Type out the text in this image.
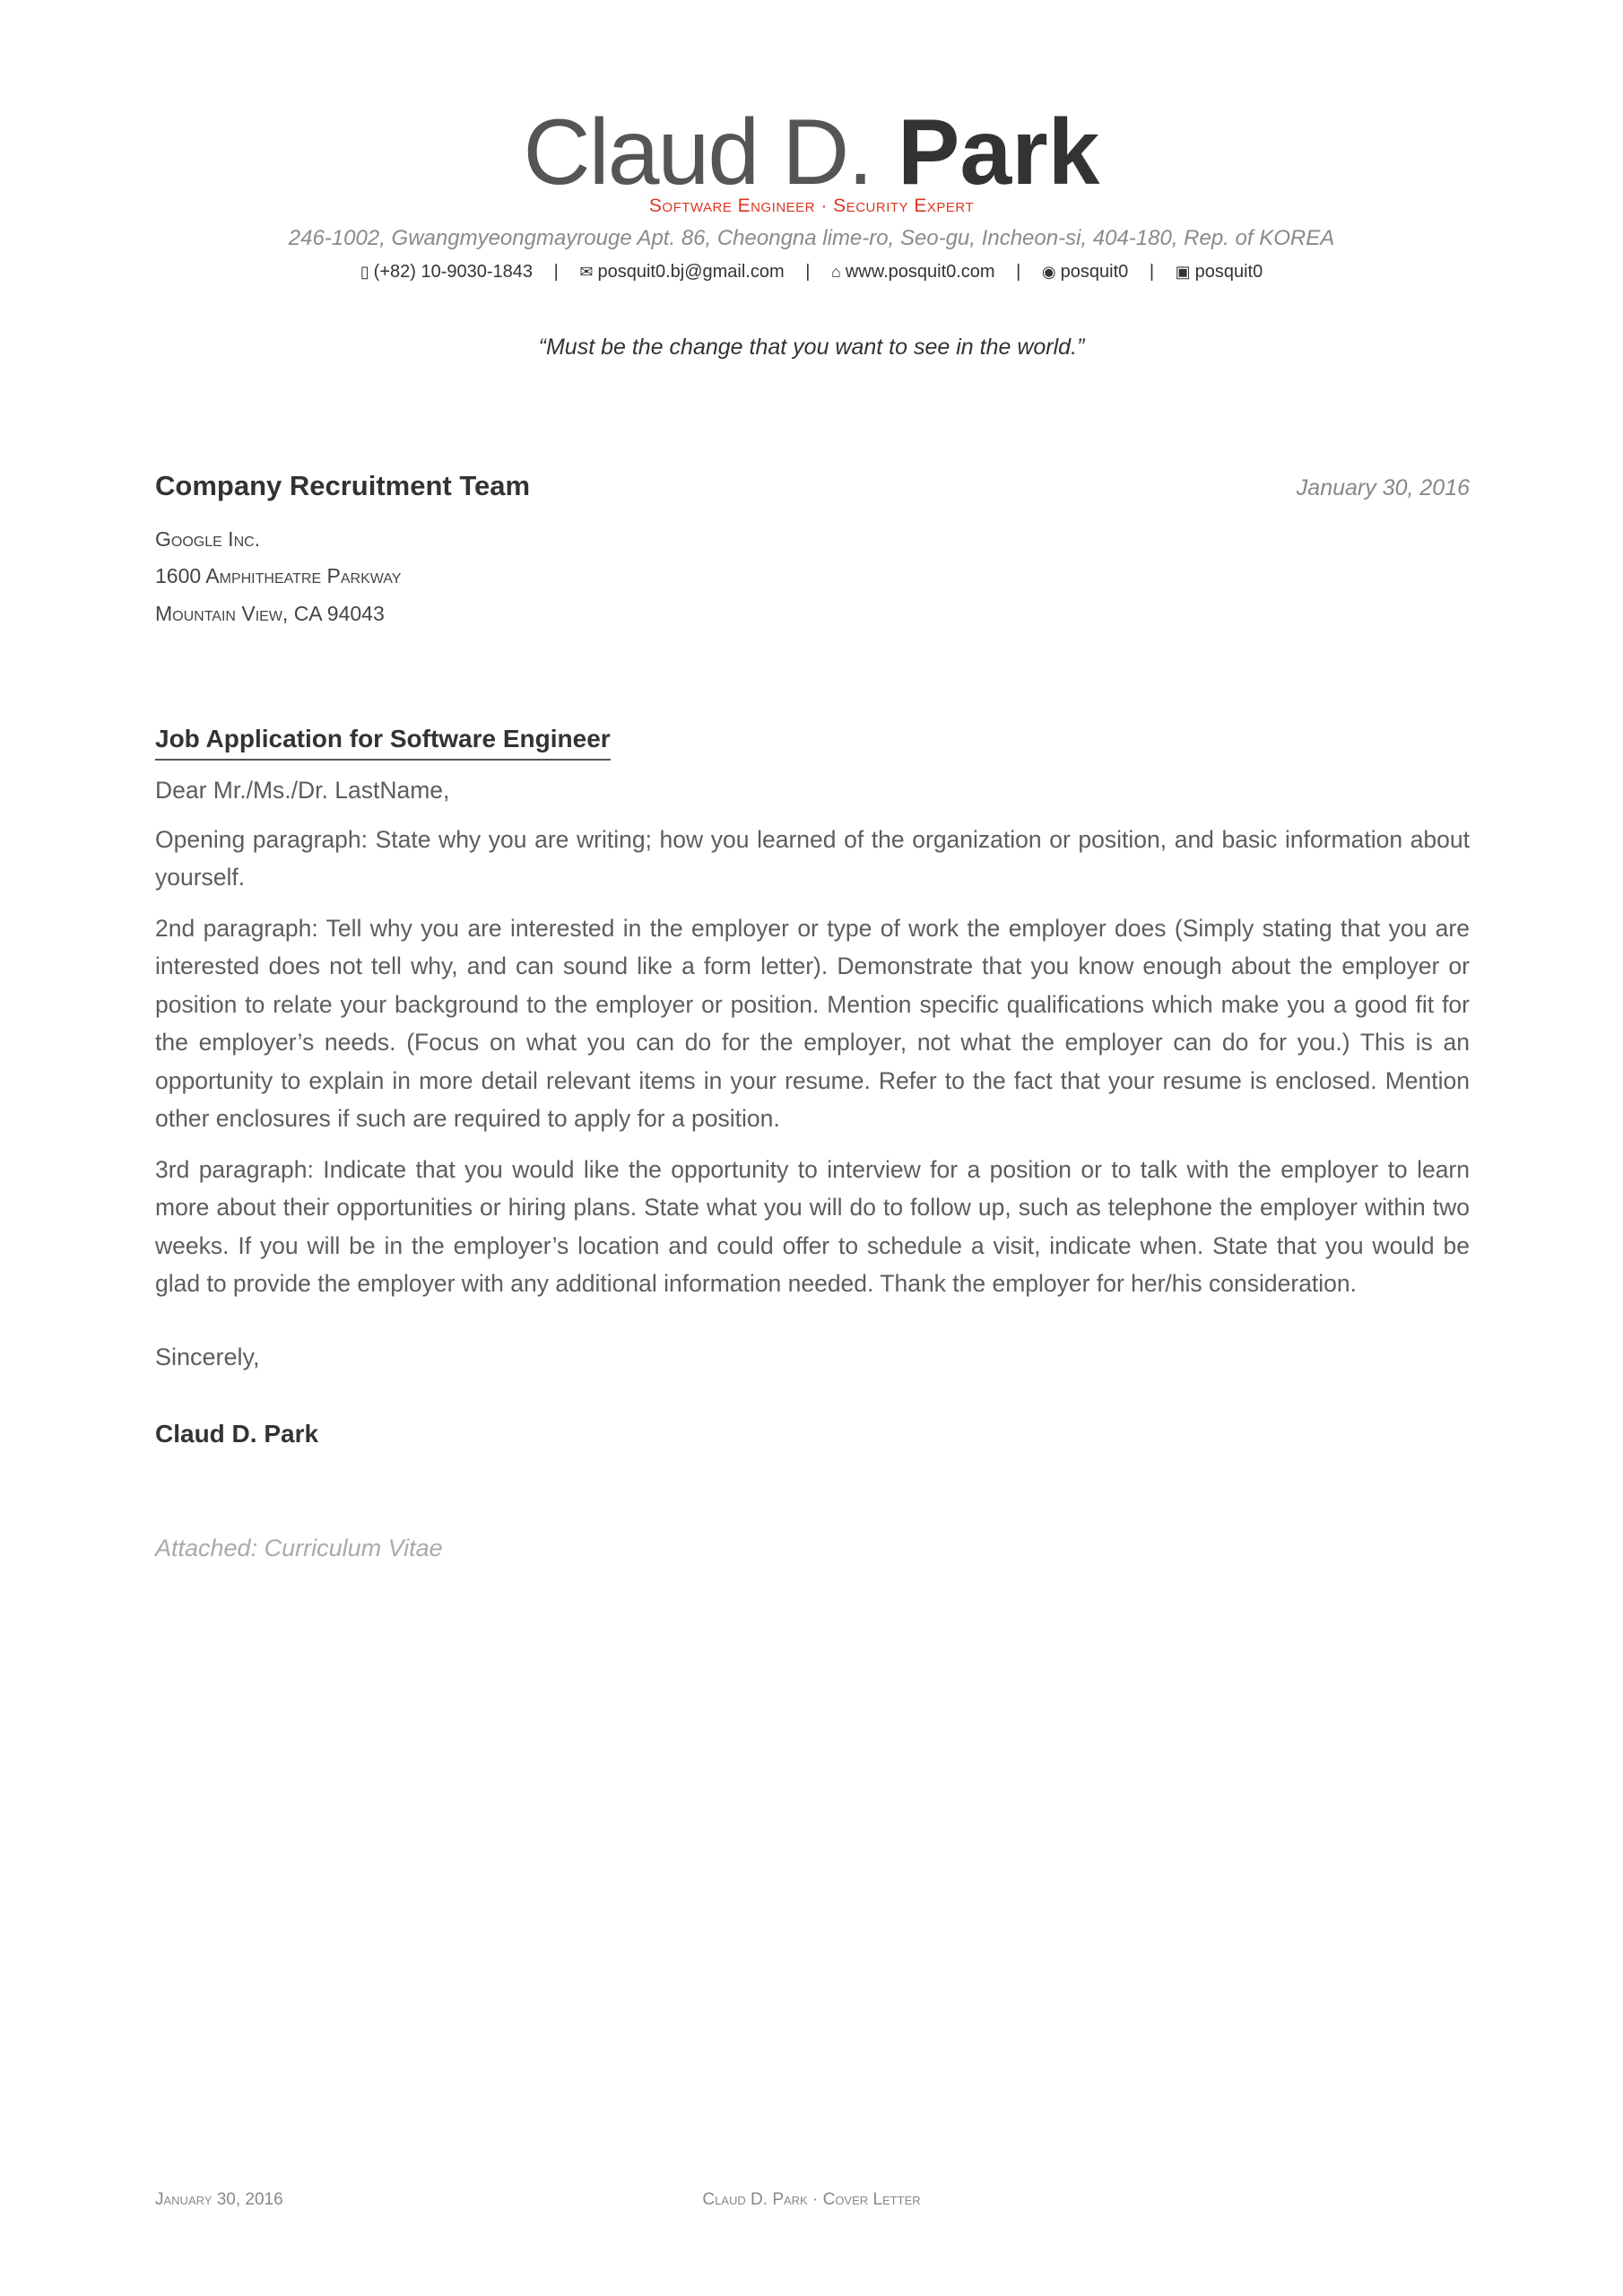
Claud D. Park
Software Engineer · Security Expert
246-1002, Gwangmyeongmayrouge Apt. 86, Cheongna lime-ro, Seo-gu, Incheon-si, 404-180, Rep. of KOREA
▯ (+82) 10-9030-1843 | ✉ posquit0.bj@gmail.com | ⌂ www.posquit0.com | ◉ posquit0 | ▣ posquit0
“Must be the change that you want to see in the world.”
Company Recruitment Team	January 30, 2016
Google Inc.
1600 Amphitheatre Parkway
Mountain View, CA 94043
Job Application for Software Engineer

Dear Mr./Ms./Dr. LastName,

Opening paragraph: State why you are writing; how you learned of the organization or position, and basic information about yourself.

2nd paragraph: Tell why you are interested in the employer or type of work the employer does (Simply stating that you are interested does not tell why, and can sound like a form letter). Demonstrate that you know enough about the employer or position to relate your background to the employer or position. Mention specific qualifications which make you a good fit for the employer’s needs. (Focus on what you can do for the employer, not what the employer can do for you.) This is an opportunity to explain in more detail relevant items in your resume. Refer to the fact that your resume is enclosed. Mention other enclosures if such are required to apply for a position.

3rd paragraph: Indicate that you would like the opportunity to interview for a position or to talk with the employer to learn more about their opportunities or hiring plans. State what you will do to follow up, such as telephone the employer within two weeks. If you will be in the employer’s location and could offer to schedule a visit, indicate when. State that you would be glad to provide the employer with any additional information needed. Thank the employer for her/his consideration.

Sincerely,
Claud D. Park
Attached: Curriculum Vitae
January 30, 2016	Claud D. Park · Cover Letter
